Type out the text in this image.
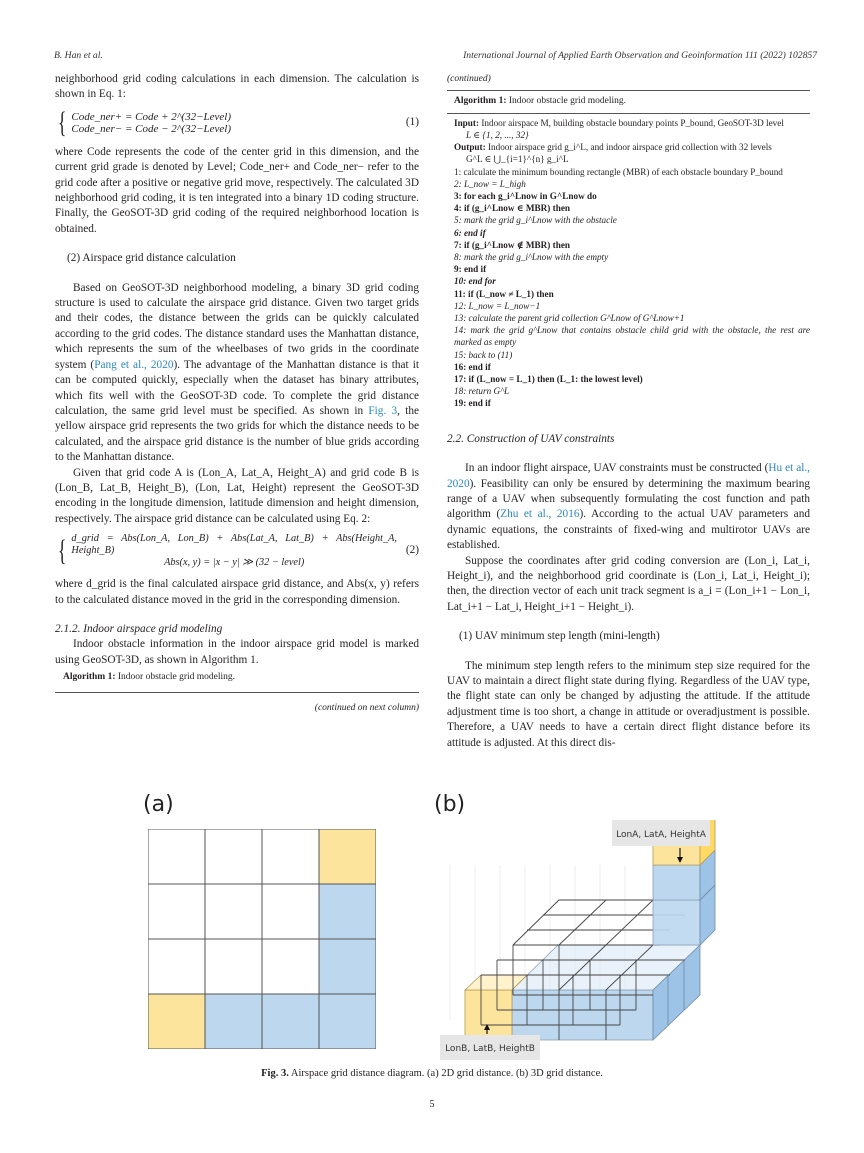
B. Han et al.	International Journal of Applied Earth Observation and Geoinformation 111 (2022) 102857

neighborhood grid coding calculations in each dimension. The calculation is shown in Eq. 1:

{ Code_ner+ = Code + 2^(32−Level)
Code_ner− = Code − 2^(32−Level)
(1)

where Code represents the code of the center grid in this dimension, and the current grid grade is denoted by Level; Code_ner+ and Code_ner− refer to the grid code after a positive or negative grid move, respectively. The calculated 3D neighborhood grid coding, it is ten integrated into a binary 1D coding structure. Finally, the GeoSOT-3D grid coding of the required neighborhood location is obtained.

(2) Airspace grid distance calculation

Based on GeoSOT-3D neighborhood modeling, a binary 3D grid coding structure is used to calculate the airspace grid distance. Given two target grids and their codes, the distance between the grids can be quickly calculated according to the grid codes. The distance standard uses the Manhattan distance, which represents the sum of the wheelbases of two grids in the coordinate system (Pang et al., 2020). The advantage of the Manhattan distance is that it can be computed quickly, especially when the dataset has binary attributes, which fits well with the GeoSOT-3D code. To complete the grid distance calculation, the same grid level must be specified. As shown in Fig. 3, the yellow airspace grid represents the two grids for which the distance needs to be calculated, and the airspace grid distance is the number of blue grids according to the Manhattan distance.

Given that grid code A is (Lon_A, Lat_A, Height_A) and grid code B is (Lon_B, Lat_B, Height_B), (Lon, Lat, Height) represent the GeoSOT-3D encoding in the longitude dimension, latitude dimension and height dimension, respectively. The airspace grid distance can be calculated using Eq. 2:

{ d_grid = Abs(Lon_A, Lon_B) + Abs(Lat_A, Lat_B) + Abs(Height_A, Height_B)
Abs(x, y) = |x − y| ≫ (32 − level)
(2)

where d_grid is the final calculated airspace grid distance, and Abs(x, y) refers to the calculated distance moved in the grid in the corresponding dimension.

2.1.2. Indoor airspace grid modeling

Indoor obstacle information in the indoor airspace grid model is marked using GeoSOT-3D, as shown in Algorithm 1.

Algorithm 1: Indoor obstacle grid modeling.

(continued on next column)

(continued)

Algorithm 1: Indoor obstacle grid modeling.
Input: Indoor airspace M, building obstacle boundary points P_bound, GeoSOT-3D level
L ∈ {1, 2, ..., 32}
Output: Indoor airspace grid g_i^L, and indoor airspace grid collection with 32 levels
G^L ∈ ⋃_{i=1}^{n} g_i^L
1: calculate the minimum bounding rectangle (MBR) of each obstacle boundary P_bound
2: L_now = L_high
3: for each g_i^Lnow in G^Lnow do
4: if (g_i^Lnow ∈ MBR) then
5: mark the grid g_i^Lnow with the obstacle
6: end if
7: if (g_i^Lnow ∉ MBR) then
8: mark the grid g_i^Lnow with the empty
9: end if
10: end for
11: if (L_now ≠ L_1) then
12: L_now = L_now−1
13: calculate the parent grid collection G^Lnow of G^Lnow+1
14: mark the grid g^Lnow that contains obstacle child grid with the obstacle, the rest are marked as empty
15: back to (11)
16: end if
17: if (L_now = L_1) then (L_1: the lowest level)
18: return G^L
19: end if

2.2. Construction of UAV constraints

In an indoor flight airspace, UAV constraints must be constructed (Hu et al., 2020). Feasibility can only be ensured by determining the maximum bearing range of a UAV when subsequently formulating the cost function and path algorithm (Zhu et al., 2016). According to the actual UAV parameters and dynamic equations, the constraints of fixed-wing and multirotor UAVs are established.

Suppose the coordinates after grid coding conversion are (Lon_i, Lat_i, Height_i), and the neighborhood grid coordinate is (Lon_i, Lat_i, Height_i); then, the direction vector of each unit track segment is a_i = (Lon_i+1 − Lon_i, Lat_i+1 − Lat_i, Height_i+1 − Height_i).

(1) UAV minimum step length (mini-length)

The minimum step length refers to the minimum step size required for the UAV to maintain a direct flight state during flying. Regardless of the UAV type, the flight state can only be changed by adjusting the attitude. If the attitude adjustment time is too short, a change in attitude or overadjustment is possible. Therefore, a UAV needs to have a certain direct flight distance before its attitude is adjusted. At this direct dis-

(a)	(b)
LonA, LatA, HeightA
LonB, LatB, HeightB
Fig. 3. Airspace grid distance diagram. (a) 2D grid distance. (b) 3D grid distance.
5
